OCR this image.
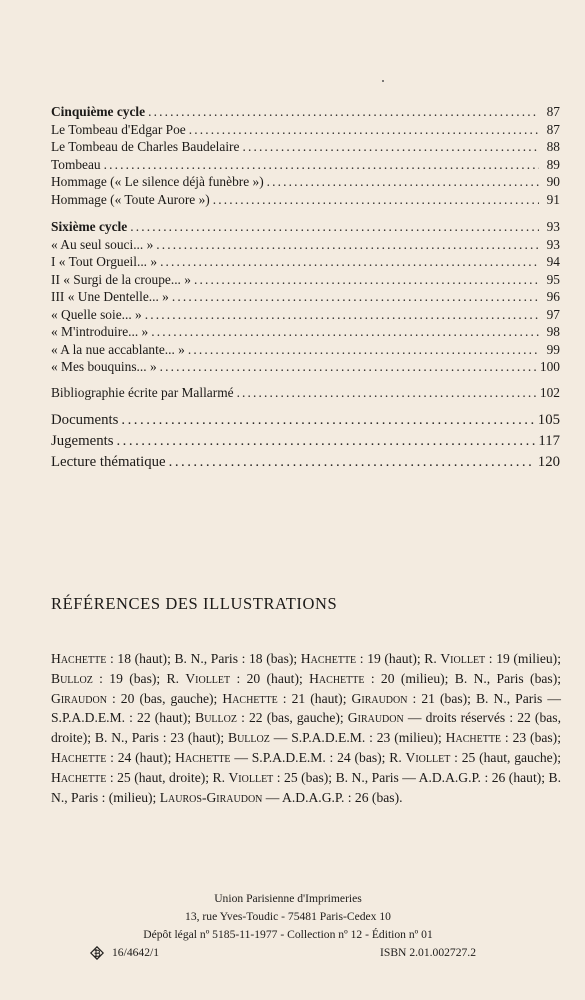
Cinquième cycle . . .	87
Le Tombeau d'Edgar Poe . . .	87
Le Tombeau de Charles Baudelaire . . .	88
Tombeau . . .	89
Hommage (« Le silence déjà funèbre ») . . .	90
Hommage (« Toute Aurore ») . . .	91
Sixième cycle . . .	93
« Au seul souci... » . . .	93
I « Tout Orgueil... » . . .	94
II « Surgi de la croupe... » . . .	95
III « Une Dentelle... » . . .	96
« Quelle soie... » . . .	97
« M'introduire... » . . .	98
« A la nue accablante... » . . .	99
« Mes bouquins... » . . .	100
Bibliographie écrite par Mallarmé . . .	102
Documents . . .	105
Jugements . . .	117
Lecture thématique . . .	120
RÉFÉRENCES DES ILLUSTRATIONS
Hachette : 18 (haut); B. N., Paris : 18 (bas); Hachette : 19 (haut); R. Viollet : 19 (milieu); Bulloz : 19 (bas); R. Viollet : 20 (haut); Hachette : 20 (milieu); B. N., Paris (bas); Giraudon : 20 (bas, gauche); Hachette : 21 (haut); Giraudon : 21 (bas); B. N., Paris — S.P.A.D.E.M. : 22 (haut); Bulloz : 22 (bas, gauche); Giraudon — droits réservés : 22 (bas, droite); B. N., Paris : 23 (haut); Bulloz — S.P.A.D.E.M. : 23 (milieu); Hachette : 23 (bas); Hachette : 24 (haut); Hachette — S.P.A.D.E.M. : 24 (bas); R. Viollet : 25 (haut, gauche); Hachette : 25 (haut, droite); R. Viollet : 25 (bas); B. N., Paris — A.D.A.G.P. : 26 (haut); B. N., Paris : (milieu); Lauros-Giraudon — A.D.A.G.P. : 26 (bas).
Union Parisienne d'Imprimeries
13, rue Yves-Toudic - 75481 Paris-Cedex 10
Dépôt légal nº 5185-11-1977 - Collection nº 12 - Édition nº 01
16/4642/1	ISBN 2.01.002727.2
